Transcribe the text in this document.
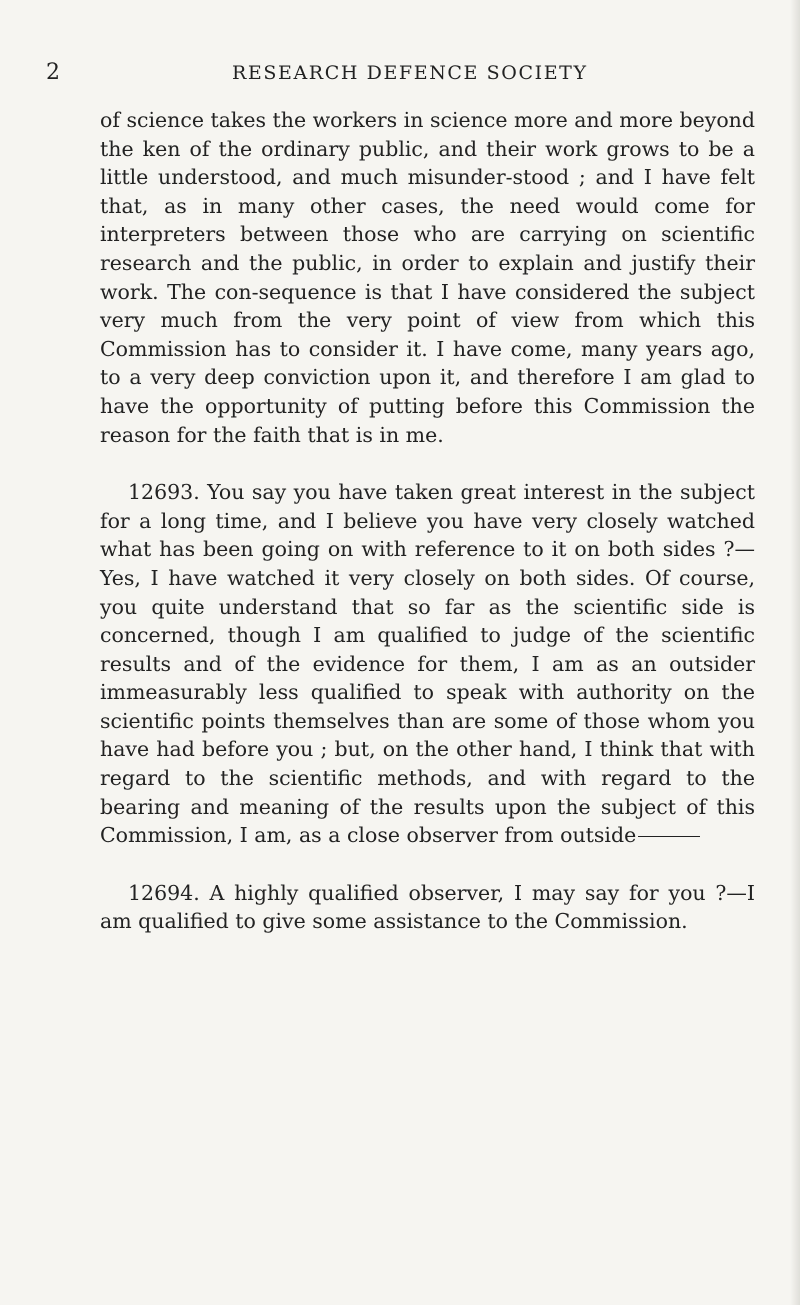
2	RESEARCH DEFENCE SOCIETY

of science takes the workers in science more and more beyond the ken of the ordinary public, and their work grows to be a little understood, and much misunder-stood ; and I have felt that, as in many other cases, the need would come for interpreters between those who are carrying on scientific research and the public, in order to explain and justify their work. The con-sequence is that I have considered the subject very much from the very point of view from which this Commission has to consider it. I have come, many years ago, to a very deep conviction upon it, and therefore I am glad to have the opportunity of putting before this Commission the reason for the faith that is in me.

12693. You say you have taken great interest in the subject for a long time, and I believe you have very closely watched what has been going on with reference to it on both sides ?—Yes, I have watched it very closely on both sides. Of course, you quite understand that so far as the scientific side is concerned, though I am qualified to judge of the scientific results and of the evidence for them, I am as an outsider immeasurably less qualified to speak with authority on the scientific points themselves than are some of those whom you have had before you ; but, on the other hand, I think that with regard to the scientific methods, and with regard to the bearing and meaning of the results upon the subject of this Commission, I am, as a close observer from outside

12694. A highly qualified observer, I may say for you ?—I am qualified to give some assistance to the Commission.
